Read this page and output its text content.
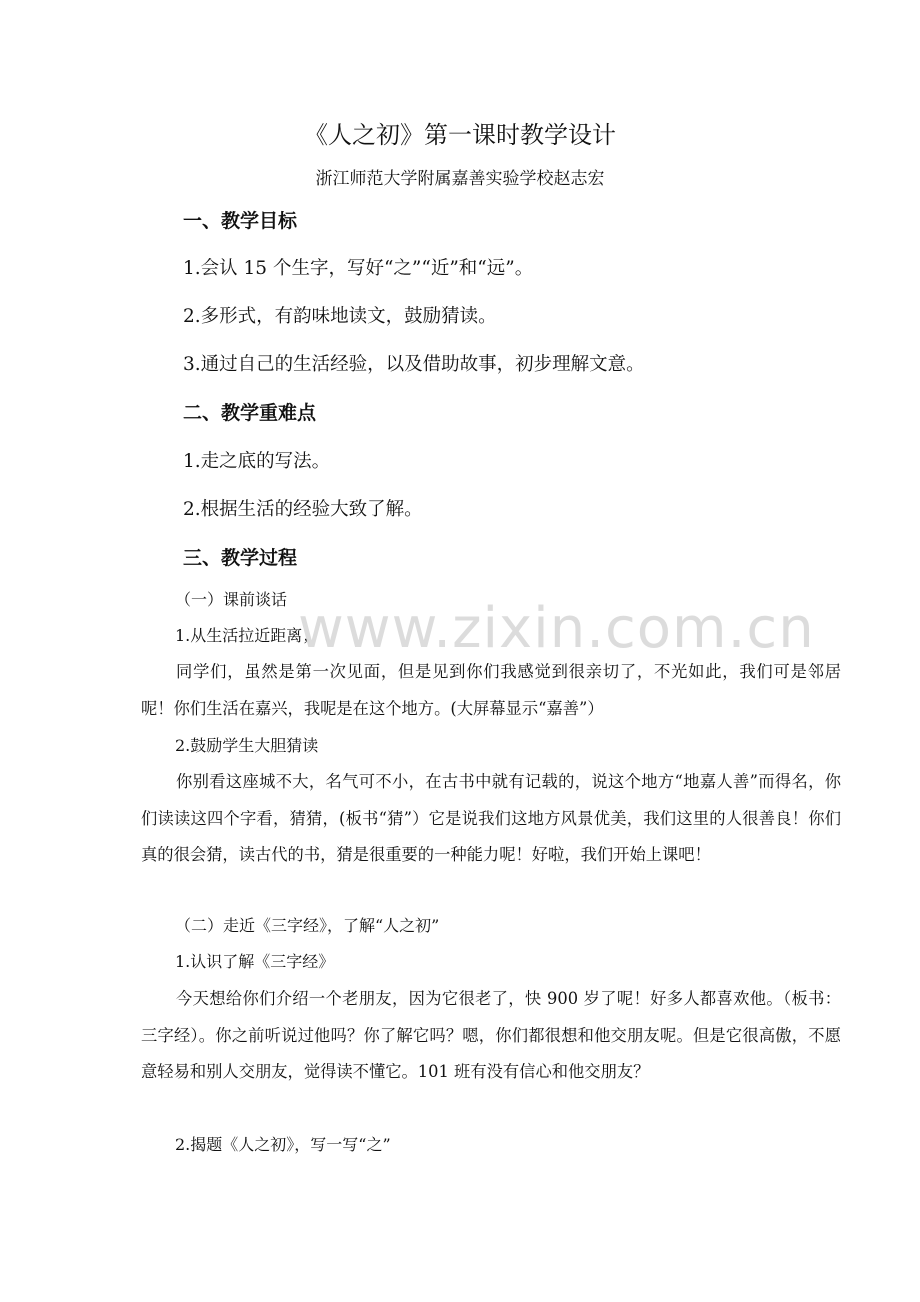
《人之初》第一课时教学设计
浙江师范大学附属嘉善实验学校赵志宏
一、教学目标
1.会认 15 个生字，写好“之”“近”和“远”。
2.多形式，有韵味地读文，鼓励猜读。
3.通过自己的生活经验，以及借助故事，初步理解文意。
二、教学重难点
1.走之底的写法。
2.根据生活的经验大致了解。
三、教学过程
（一）课前谈话
1.从生活拉近距离；

同学们，虽然是第一次见面，但是见到你们我感觉到很亲切了，不光如此，我们可是邻居呢！你们生活在嘉兴，我呢是在这个地方。(大屏幕显示“嘉善”）

2.鼓励学生大胆猜读

你别看这座城不大，名气可不小，在古书中就有记载的，说这个地方“地嘉人善”而得名，你们读读这四个字看，猜猜，(板书“猜”）它是说我们这地方风景优美，我们这里的人很善良！你们真的很会猜，读古代的书，猜是很重要的一种能力呢！好啦，我们开始上课吧！

（二）走近《三字经》，了解“人之初”
1.认识了解《三字经》

今天想给你们介绍一个老朋友，因为它很老了，快 900 岁了呢！好多人都喜欢他。（板书：三字经）。你之前听说过他吗？你了解它吗？嗯，你们都很想和他交朋友呢。但是它很高傲，不愿意轻易和别人交朋友，觉得读不懂它。101 班有没有信心和他交朋友？

2.揭题《人之初》，写一写“之”
www.zixin.com.cn
